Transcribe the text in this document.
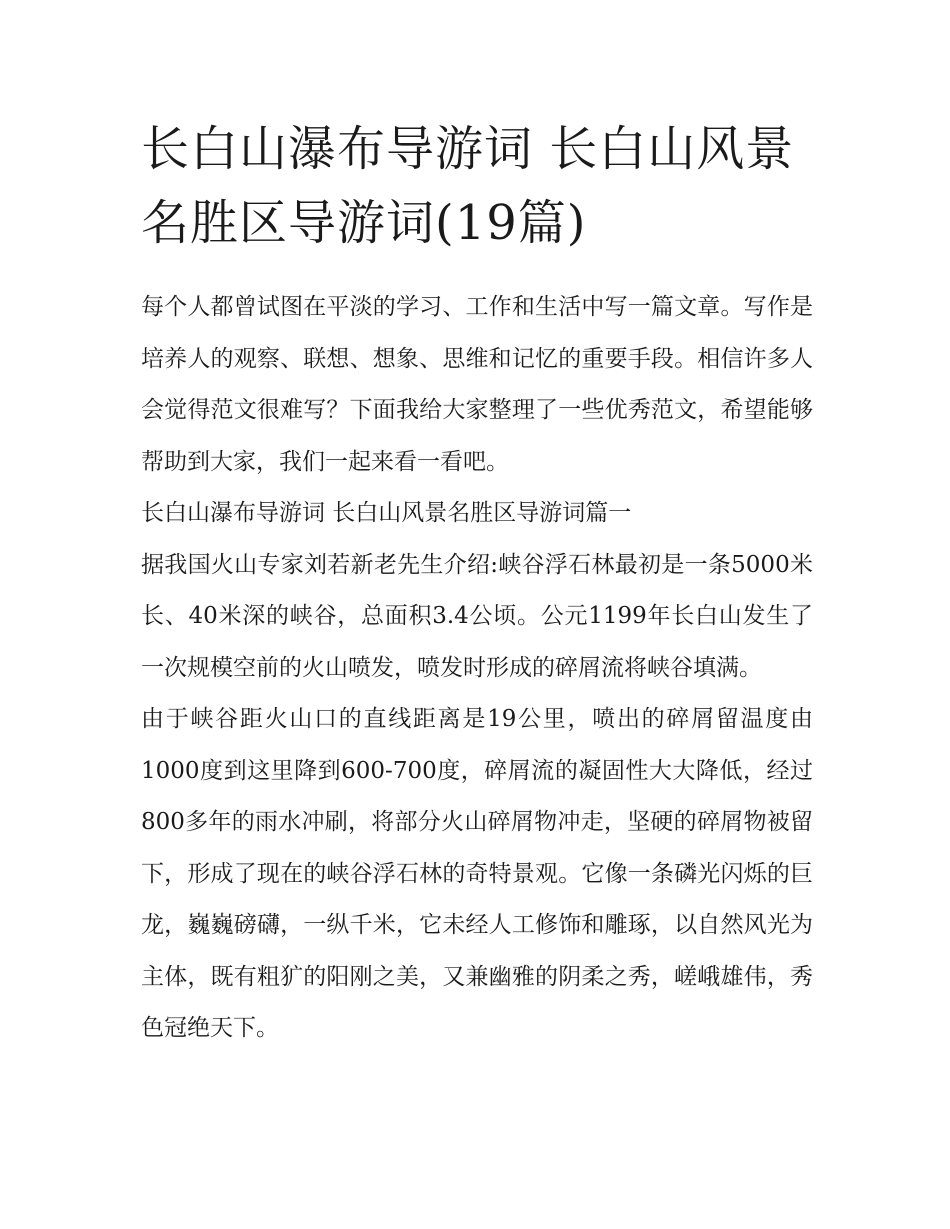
长白山瀑布导游词 长白山风景名胜区导游词(19篇)

每个人都曾试图在平淡的学习、工作和生活中写一篇文章。写作是培养人的观察、联想、想象、思维和记忆的重要手段。相信许多人会觉得范文很难写？下面我给大家整理了一些优秀范文，希望能够帮助到大家，我们一起来看一看吧。

长白山瀑布导游词 长白山风景名胜区导游词篇一

据我国火山专家刘若新老先生介绍:峡谷浮石林最初是一条5000米长、40米深的峡谷，总面积3.4公顷。公元1199年长白山发生了一次规模空前的火山喷发，喷发时形成的碎屑流将峡谷填满。

由于峡谷距火山口的直线距离是19公里，喷出的碎屑留温度由1000度到这里降到600-700度，碎屑流的凝固性大大降低，经过800多年的雨水冲刷，将部分火山碎屑物冲走，坚硬的碎屑物被留下，形成了现在的峡谷浮石林的奇特景观。它像一条磷光闪烁的巨龙，巍巍磅礴，一纵千米，它未经人工修饰和雕琢，以自然风光为主体，既有粗犷的阳刚之美，又兼幽雅的阴柔之秀，嵯峨雄伟，秀色冠绝天下。
